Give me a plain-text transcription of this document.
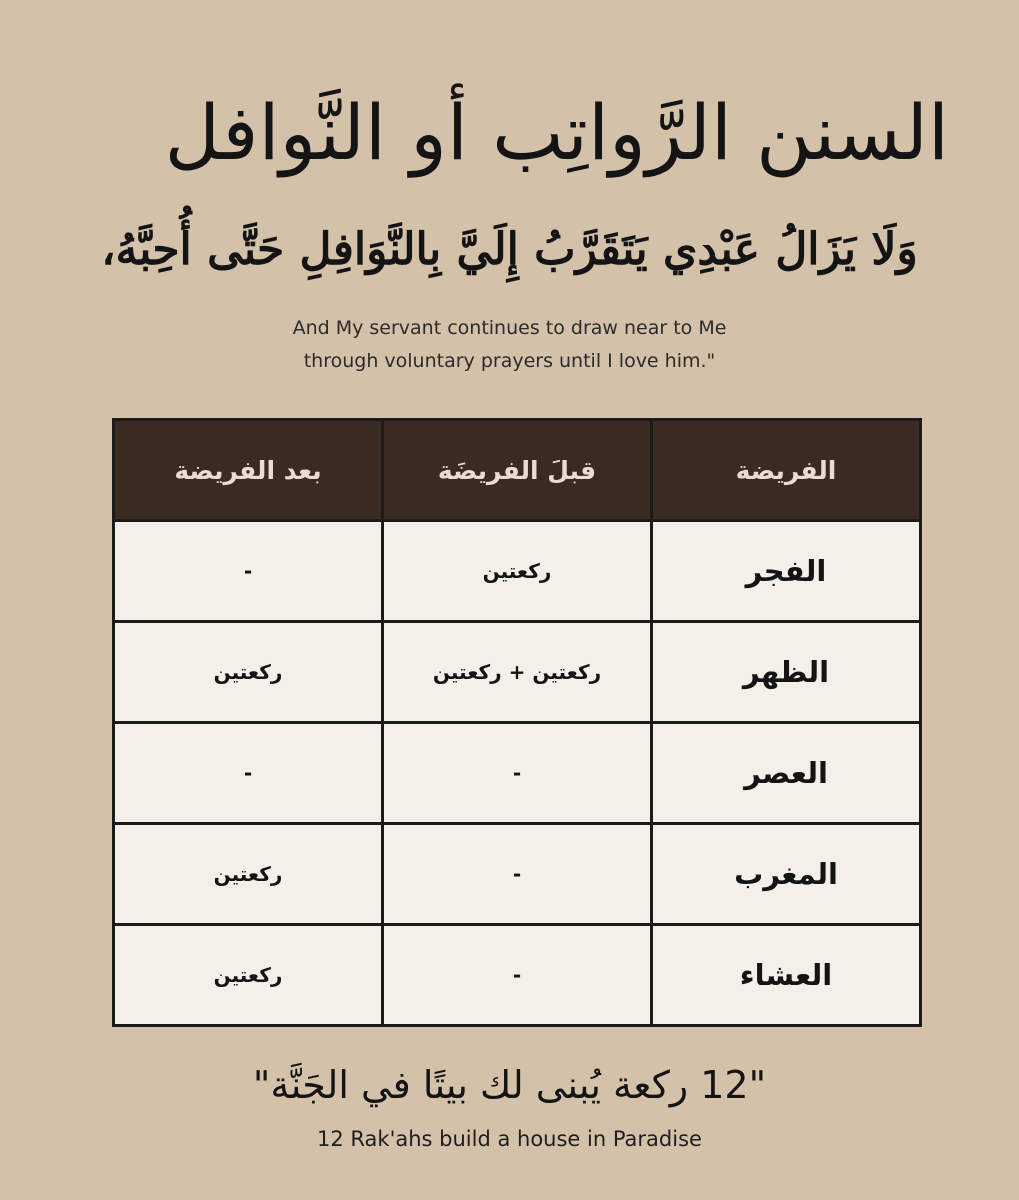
السنن الرَّواتِب أو النَّوافل
وَلَا يَزَالُ عَبْدِي يَتَقَرَّبُ إِلَيَّ بِالنَّوَافِلِ حَتَّى أُحِبَّهُ،
And My servant continues to draw near to Me
through voluntary prayers until I love him."
الفريضة	قبلَ الفريضَة	بعد الفريضة
الفجر	ركعتين	-
الظهر	ركعتين + ركعتين	ركعتين
العصر	-	-
المغرب	-	ركعتين
العشاء	-	ركعتين
"12 ركعة يُبنى لك بيتًا في الجَنَّة"
12 Rak'ahs build a house in Paradise
